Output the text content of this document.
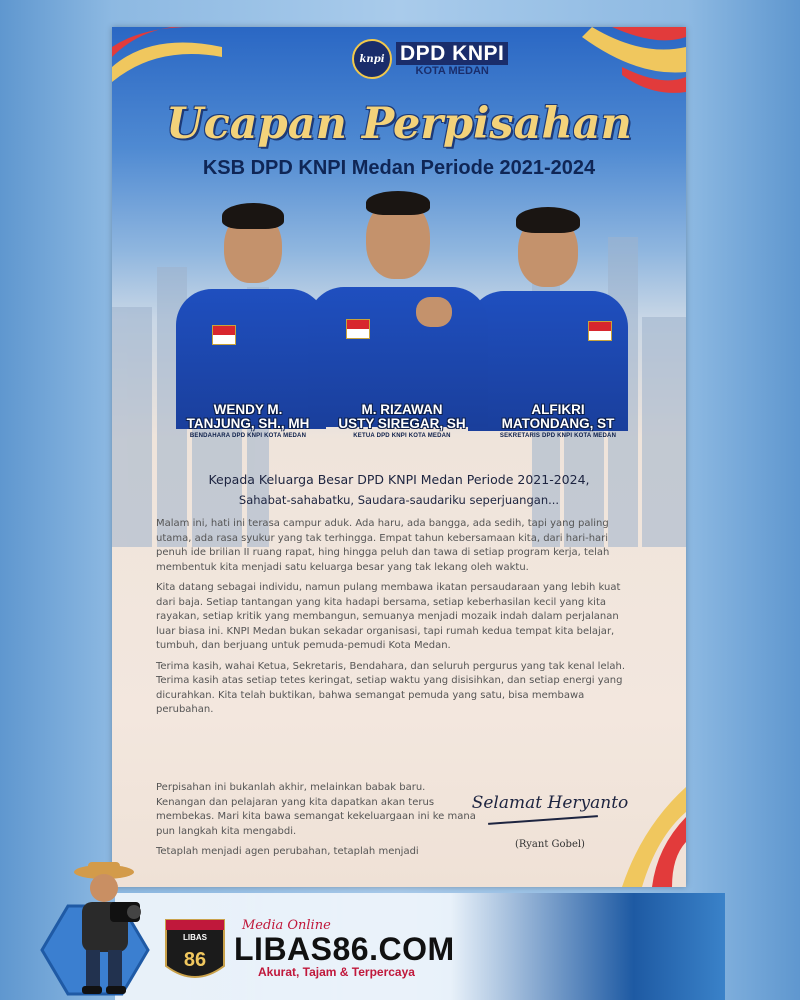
knpi DPD KNPI
KOTA MEDAN
Ucapan Perpisahan
KSB DPD KNPI Medan Periode 2021-2024
WENDY M.
TANJUNG, SH., MH
BENDAHARA DPD KNPI KOTA MEDAN
M. RIZAWAN
USTY SIREGAR, SH
KETUA DPD KNPI KOTA MEDAN
ALFIKRI
MATONDANG, ST
SEKRETARIS DPD KNPI KOTA MEDAN
Kepada Keluarga Besar DPD KNPI Medan Periode 2021-2024,
Sahabat-sahabatku, Saudara-saudariku seperjuangan...

Malam ini, hati ini terasa campur aduk. Ada haru, ada bangga, ada sedih, tapi yang paling utama, ada rasa syukur yang tak terhingga. Empat tahun kebersamaan kita, dari hari-hari penuh ide brilian II ruang rapat, hing hingga peluh dan tawa di setiap program kerja, telah membentuk kita menjadi satu keluarga besar yang tak lekang oleh waktu.

Kita datang sebagai individu, namun pulang membawa ikatan persaudaraan yang lebih kuat dari baja. Setiap tantangan yang kita hadapi bersama, setiap keberhasilan kecil yang kita rayakan, setiap kritik yang membangun, semuanya menjadi mozaik indah dalam perjalanan luar biasa ini. KNPI Medan bukan sekadar organisasi, tapi rumah kedua tempat kita belajar, tumbuh, dan berjuang untuk pemuda-pemudi Kota Medan.

Terima kasih, wahai Ketua, Sekretaris, Bendahara, dan seluruh pergurus yang tak kenal lelah. Terima kasih atas setiap tetes keringat, setiap waktu yang disisihkan, dan setiap energi yang dicurahkan. Kita telah buktikan, bahwa semangat pemuda yang satu, bisa membawa perubahan.

Perpisahan ini bukanlah akhir, melainkan babak baru. Kenangan dan pelajaran yang kita dapatkan akan terus membekas. Mari kita bawa semangat kekeluargaan ini ke mana pun langkah kita mengabdi.

Tetaplah menjadi agen perubahan, tetaplah menjadi

Selamat Heryanto
(Ryant Gobel)
LIBAS
86
Media Online
LIBAS86.COM
Akurat, Tajam & Terpercaya
